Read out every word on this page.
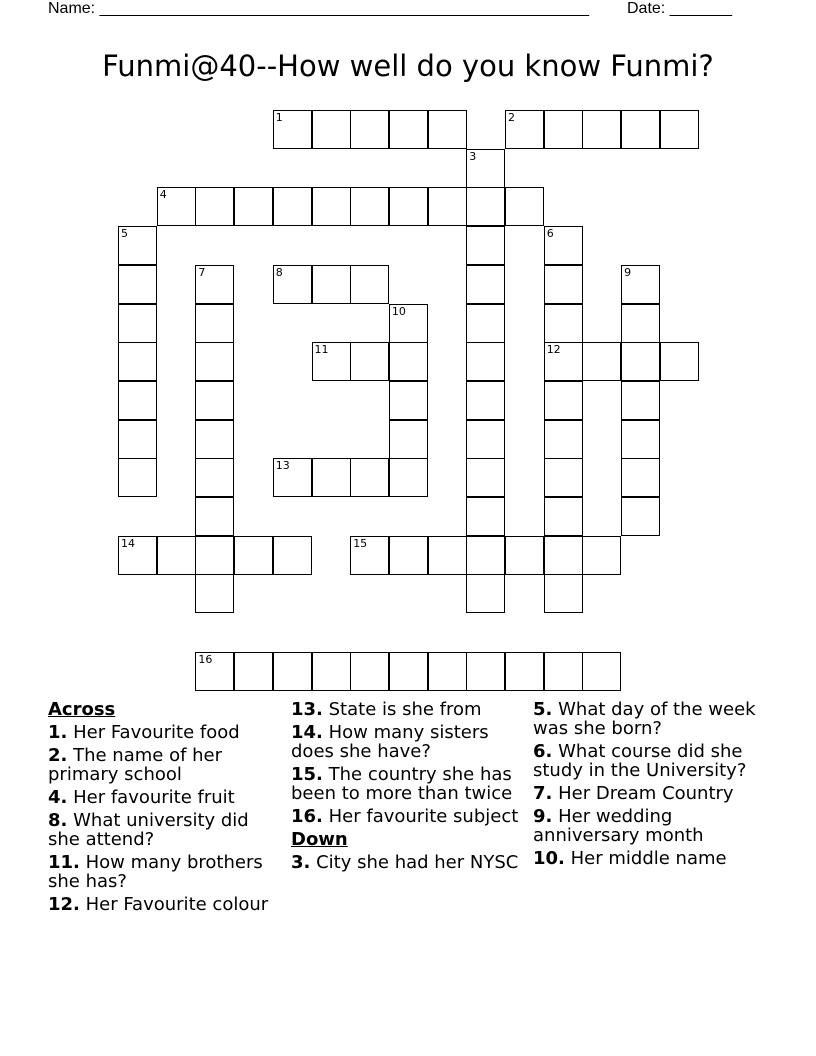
Name: _______________________________________________________ Date: _______
Funmi@40--How well do you know Funmi?
1	2
3
4
5	6
12
7	8	9
10
11
13
14	15
16
Across
1. Her Favourite food
2. The name of her primary school
4. Her favourite fruit
8. What university did she attend?
11. How many brothers she has?
12. Her Favourite colour
13. State is she from
14. How many sisters does she have?
15. The country she has been to more than twice
16. Her favourite subject
Down
3. City she had her NYSC
5. What day of the week was she born?
6. What course did she study in the University?
7. Her Dream Country
9. Her wedding anniversary month
10. Her middle name
